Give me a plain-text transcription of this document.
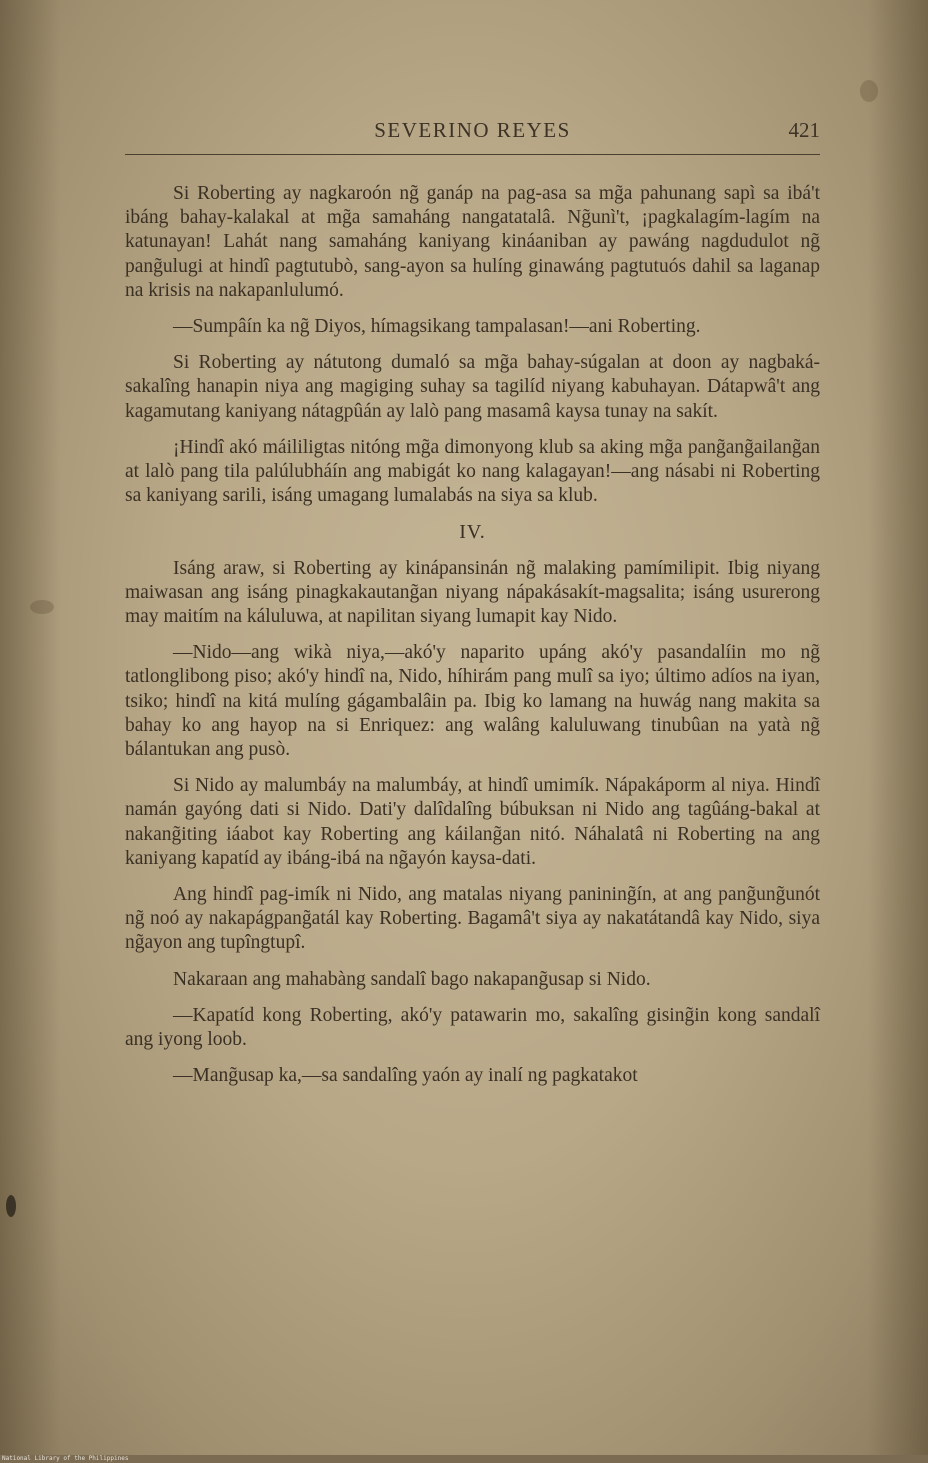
SEVERINO REYES	421

Si Roberting ay nagkaroón ng̃ ganáp na pag-asa sa mg̃a pahunang sapì sa ibá't ibáng bahay-kalakal at mg̃a samaháng nangatatalâ. Ng̃unì't, ¡pagkalagím-lagím na katunayan! Lahát nang samaháng kaniyang kináaniban ay pawáng nagdudulot ng̃ pang̃ulugi at hindî pagtutubò, sang-ayon sa hulíng ginawáng pagtutuós dahil sa laganap na krisis na nakapanlulumó.

—Sumpâín ka ng̃ Diyos, hímagsikang tampalasan!—ani Roberting.

Si Roberting ay nátutong dumaló sa mg̃a bahay-súgalan at doon ay nagbaká-sakalîng hanapin niya ang magiging suhay sa tagilíd niyang kabuhayan. Dátapwâ't ang kagamutang kaniyang nátagpûán ay lalò pang masamâ kaysa tunay na sakít.

¡Hindî akó máililigtas nitóng mg̃a dimonyong klub sa aking mg̃a pang̃ang̃ailang̃an at lalò pang tila palúlubháín ang mabigát ko nang kalagayan!—ang násabi ni Roberting sa kaniyang sarili, isáng umagang lumalabás na siya sa klub.

IV.

Isáng araw, si Roberting ay kinápansinán ng̃ malaking pamímilipit. Ibig niyang maiwasan ang isáng pinagkakautang̃an niyang nápakásakít-magsalita; isáng usurerong may maitím na káluluwa, at napilitan siyang lumapit kay Nido.

—Nido—ang wikà niya,—akó'y naparito upáng akó'y pasandalíin mo ng̃ tatlonglibong piso; akó'y hindî na, Nido, híhirám pang mulî sa iyo; último adíos na iyan, tsiko; hindî na kitá mulíng gágambalâin pa. Ibig ko lamang na huwág nang makita sa bahay ko ang hayop na si Enriquez: ang walâng kaluluwang tinubûan na yatà ng̃ bálantukan ang pusò.

Si Nido ay malumbáy na malumbáy, at hindî umimík. Nápakáporm al niya. Hindî namán gayóng dati si Nido. Dati'y dalîdalîng búbuksan ni Nido ang tagûáng-bakal at nakang̃iting iáabot kay Roberting ang káilang̃an nitó. Náhalatâ ni Roberting na ang kaniyang kapatíd ay ibáng-ibá na ng̃ayón kaysa-dati.

Ang hindî pag-imík ni Nido, ang matalas niyang panining̃ín, at ang pang̃ung̃unót ng̃ noó ay nakapágpang̃atál kay Roberting. Bagamâ't siya ay nakatátandâ kay Nido, siya ng̃ayon ang tupîngtupî.

Nakaraan ang mahabàng sandalî bago nakapang̃usap si Nido.

—Kapatíd kong Roberting, akó'y patawarin mo, sakalîng gising̃in kong sandalî ang iyong loob.

—Mang̃usap ka,—sa sandalîng yaón ay inalí ng pagkatakot

National Library of the Philippines
